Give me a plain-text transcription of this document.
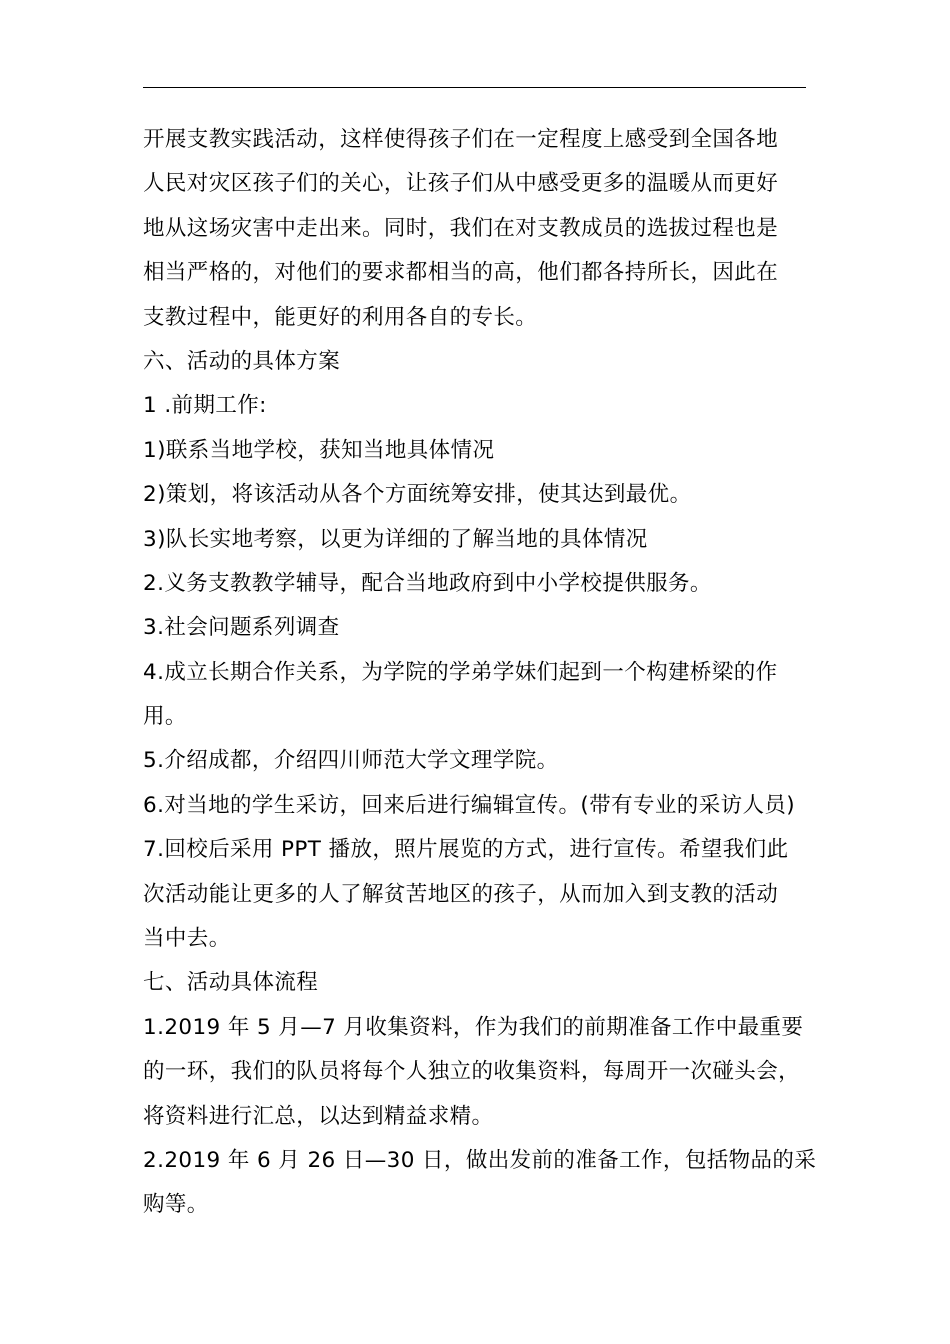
开展支教实践活动，这样使得孩子们在一定程度上感受到全国各地
人民对灾区孩子们的关心，让孩子们从中感受更多的温暖从而更好
地从这场灾害中走出来。同时，我们在对支教成员的选拔过程也是
相当严格的，对他们的要求都相当的高，他们都各持所长，因此在
支教过程中，能更好的利用各自的专长。
六、活动的具体方案
1 .前期工作:
1)联系当地学校，获知当地具体情况
2)策划，将该活动从各个方面统筹安排，使其达到最优。
3)队长实地考察，以更为详细的了解当地的具体情况
2.义务支教教学辅导，配合当地政府到中小学校提供服务。
3.社会问题系列调查
4.成立长期合作关系，为学院的学弟学妹们起到一个构建桥梁的作
用。
5.介绍成都，介绍四川师范大学文理学院。
6.对当地的学生采访，回来后进行编辑宣传。(带有专业的采访人员)
7.回校后采用 PPT 播放，照片展览的方式，进行宣传。希望我们此
次活动能让更多的人了解贫苦地区的孩子，从而加入到支教的活动
当中去。
七、活动具体流程
1.2019 年 5 月—7 月收集资料，作为我们的前期准备工作中最重要
的一环，我们的队员将每个人独立的收集资料，每周开一次碰头会，
将资料进行汇总，以达到精益求精。
2.2019 年 6 月 26 日—30 日，做出发前的准备工作，包括物品的采
购等。
